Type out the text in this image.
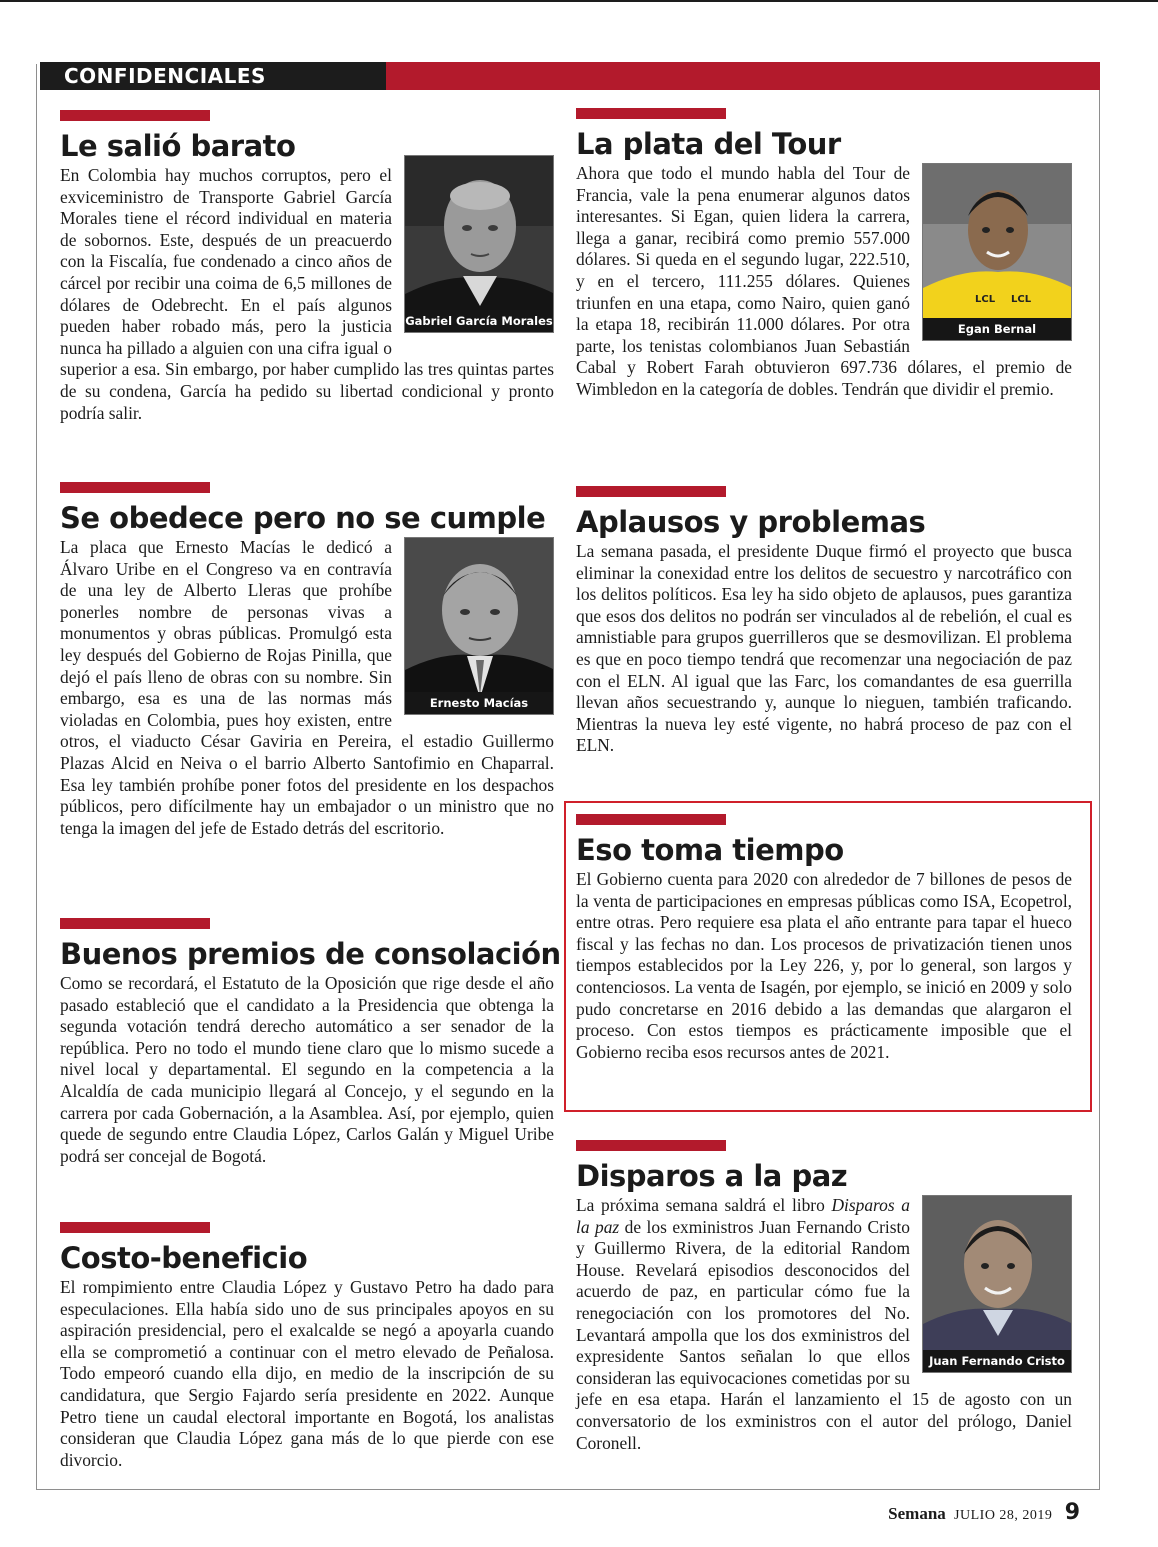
CONFIDENCIALES
Le salió barato

Gabriel García Morales
En Colombia hay muchos corruptos, pero el exviceministro de Transporte Gabriel García Morales tiene el récord individual en materia de sobornos. Este, después de un preacuerdo con la Fiscalía, fue condenado a cinco años de cárcel por recibir una coima de 6,5 millones de dólares de Odebrecht. En el país algunos pueden haber robado más, pero la justicia nunca ha pillado a alguien con una cifra igual o superior a esa. Sin embargo, por haber cumplido las tres quintas partes de su condena, García ha pedido su libertad condicional y pronto podría salir.

Se obedece pero no se cumple

Ernesto Macías
La placa que Ernesto Macías le dedicó a Álvaro Uribe en el Congreso va en contravía de una ley de Alberto Lleras que prohíbe ponerles nombre de personas vivas a monumentos y obras públicas. Promulgó esta ley después del Gobierno de Rojas Pinilla, que dejó el país lleno de obras con su nombre. Sin embargo, esa es una de las normas más violadas en Colombia, pues hoy existen, entre otros, el viaducto César Gaviria en Pereira, el estadio Guillermo Plazas Alcid en Neiva o el barrio Alberto Santofimio en Chaparral. Esa ley también prohíbe poner fotos del presidente en los despachos públicos, pero difícilmente hay un embajador o un ministro que no tenga la imagen del jefe de Estado detrás del escritorio.

Buenos premios de consolación

Como se recordará, el Estatuto de la Oposición que rige desde el año pasado estableció que el candidato a la Presidencia que obtenga la segunda votación tendrá derecho automático a ser senador de la república. Pero no todo el mundo tiene claro que lo mismo sucede a nivel local y departamental. El segundo en la competencia a la Alcaldía de cada municipio llegará al Concejo, y el segundo en la carrera por cada Gobernación, a la Asamblea. Así, por ejemplo, quien quede de segundo entre Claudia López, Carlos Galán y Miguel Uribe podrá ser concejal de Bogotá.

Costo-beneficio

El rompimiento entre Claudia López y Gustavo Petro ha dado para especulaciones. Ella había sido uno de sus principales apoyos en su aspiración presidencial, pero el exalcalde se negó a apoyarla cuando ella se comprometió a continuar con el metro elevado de Peñalosa. Todo empeoró cuando ella dijo, en medio de la inscripción de su candidatura, que Sergio Fajardo sería presidente en 2022. Aunque Petro tiene un caudal electoral importante en Bogotá, los analistas consideran que Claudia López gana más de lo que pierde con ese divorcio.

La plata del Tour

LCL LCL
Egan Bernal
Ahora que todo el mundo habla del Tour de Francia, vale la pena enumerar algunos datos interesantes. Si Egan, quien lidera la carrera, llega a ganar, recibirá como premio 557.000 dólares. Si queda en el segundo lugar, 222.510, y en el tercero, 111.255 dólares. Quienes triunfen en una etapa, como Nairo, quien ganó la etapa 18, recibirán 11.000 dólares. Por otra parte, los tenistas colombianos Juan Sebastián Cabal y Robert Farah obtuvieron 697.736 dólares, el premio de Wimbledon en la categoría de dobles. Tendrán que dividir el premio.

Aplausos y problemas

La semana pasada, el presidente Duque firmó el proyecto que busca eliminar la conexidad entre los delitos de secuestro y narcotráfico con los delitos políticos. Esa ley ha sido objeto de aplausos, pues garantiza que esos dos delitos no podrán ser vinculados al de rebelión, el cual es amnistiable para grupos guerrilleros que se desmovilizan. El problema es que en poco tiempo tendrá que recomenzar una negociación de paz con el ELN. Al igual que las Farc, los comandantes de esa guerrilla llevan años secuestrando y, aunque lo nieguen, también traficando. Mientras la nueva ley esté vigente, no habrá proceso de paz con el ELN.

Eso toma tiempo

El Gobierno cuenta para 2020 con alrededor de 7 billones de pesos de la venta de participaciones en empresas públicas como ISA, Ecopetrol, entre otras. Pero requiere esa plata el año entrante para tapar el hueco fiscal y las fechas no dan. Los procesos de privatización tienen unos tiempos establecidos por la Ley 226, y, por lo general, son largos y contenciosos. La venta de Isagén, por ejemplo, se inició en 2009 y solo pudo concretarse en 2016 debido a las demandas que alargaron el proceso. Con estos tiempos es prácticamente imposible que el Gobierno reciba esos recursos antes de 2021.

Disparos a la paz

Juan Fernando Cristo
La próxima semana saldrá el libro Disparos a la paz de los exministros Juan Fernando Cristo y Guillermo Rivera, de la editorial Random House. Revelará episodios desconocidos del acuerdo de paz, en particular cómo fue la renegociación con los promotores del No. Levantará ampolla que los dos exministros del expresidente Santos señalan lo que ellos consideran las equivocaciones cometidas por su jefe en esa etapa. Harán el lanzamiento el 15 de agosto con un conversatorio de los exministros con el autor del prólogo, Daniel Coronell.

Semana JULIO 28, 2019 9
